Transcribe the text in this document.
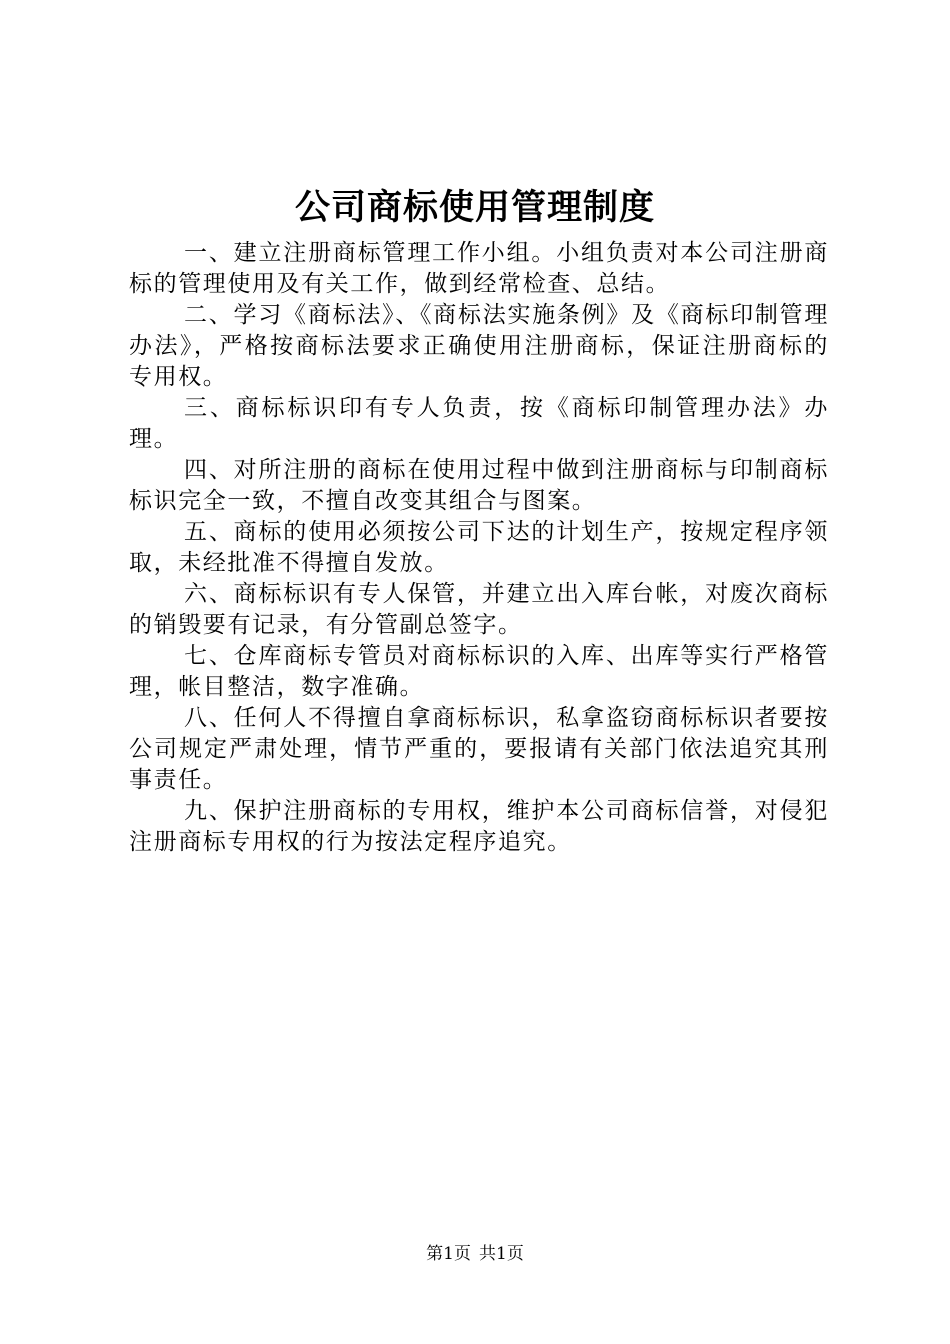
公司商标使用管理制度

一、建立注册商标管理工作小组。小组负责对本公司注册商标的管理使用及有关工作，做到经常检查、总结。

二、学习《商标法》、《商标法实施条例》及《商标印制管理办法》，严格按商标法要求正确使用注册商标，保证注册商标的专用权。

三、商标标识印有专人负责，按《商标印制管理办法》办理。

四、对所注册的商标在使用过程中做到注册商标与印制商标标识完全一致，不擅自改变其组合与图案。

五、商标的使用必须按公司下达的计划生产，按规定程序领取，未经批准不得擅自发放。

六、商标标识有专人保管，并建立出入库台帐，对废次商标的销毁要有记录，有分管副总签字。

七、仓库商标专管员对商标标识的入库、出库等实行严格管理，帐目整洁，数字准确。

八、任何人不得擅自拿商标标识，私拿盗窃商标标识者要按公司规定严肃处理，情节严重的，要报请有关部门依法追究其刑事责任。

九、保护注册商标的专用权，维护本公司商标信誉，对侵犯注册商标专用权的行为按法定程序追究。

第1页 共1页
